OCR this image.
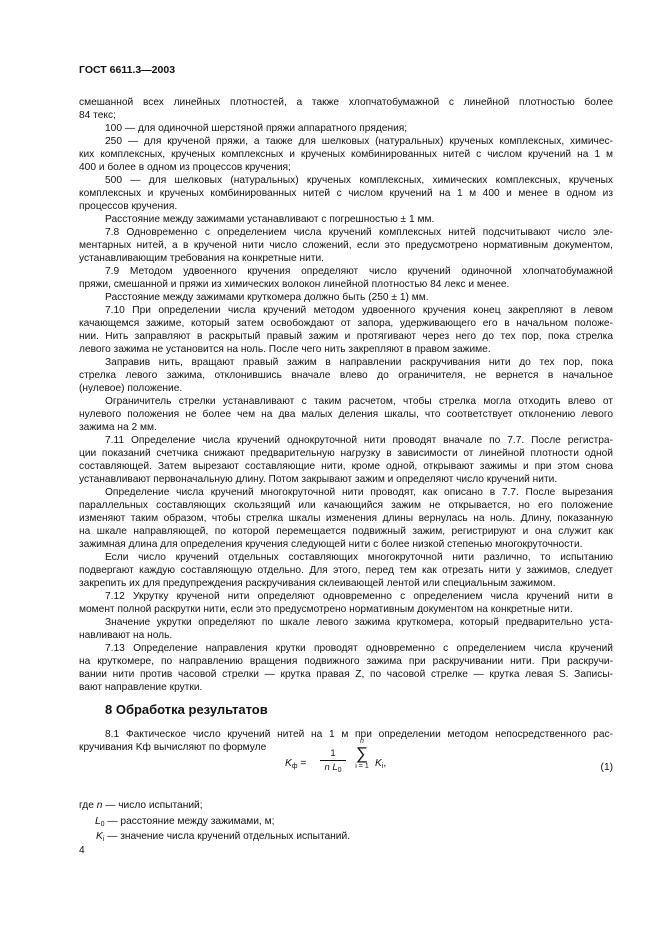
ГОСТ 6611.3—2003
смешанной всех линейных плотностей, а также хлопчатобумажной с линейной плотностью более
84 текс;
100 — для одиночной шерстяной пряжи аппаратного прядения;
250 — для крученой пряжи, а также для шелковых (натуральных) крученых комплексных, химичес-
ких комплексных, крученых комплексных и крученых комбинированных нитей с числом кручений на 1 м
400 и более в одном из процессов кручения;
500 — для шелковых (натуральных) крученых комплексных, химических комплексных, крученых
комплексных и крученых комбинированных нитей с числом кручений на 1 м 400 и менее в одном из
процессов кручения.
Расстояние между зажимами устанавливают с погрешностью ± 1 мм.
7.8 Одновременно с определением числа кручений комплексных нитей подсчитывают число эле-
ментарных нитей, а в крученой нити число сложений, если это предусмотрено нормативным документом,
устанавливающим требования на конкретные нити.
7.9 Методом удвоенного кручения определяют число кручений одиночной хлопчатобумажной
пряжи, смешанной и пряжи из химических волокон линейной плотностью 84 лекс и менее.
Расстояние между зажимами круткомера должно быть (250 ± 1) мм.
7.10 При определении числа кручений методом удвоенного кручения конец закрепляют в левом
качающемся зажиме, который затем освобождают от запора, удерживающего его в начальном положе-
нии. Нить заправляют в раскрытый правый зажим и протягивают через него до тех пор, пока стрелка
левого зажима не установится на ноль. После чего нить закрепляют в правом зажиме.
Заправив нить, вращают правый зажим в направлении раскручивания нити до тех пор, пока
стрелка левого зажима, отклонившись вначале влево до ограничителя, не вернется в начальное
(нулевое) положение.
Ограничитель стрелки устанавливают с таким расчетом, чтобы стрелка могла отходить влево от
нулевого положения не более чем на два малых деления шкалы, что соответствует отклонению левого
зажима на 2 мм.
7.11 Определение числа кручений однокруточной нити проводят вначале по 7.7. После регистра-
ции показаний счетчика снижают предварительную нагрузку в зависимости от линейной плотности одной
составляющей. Затем вырезают составляющие нити, кроме одной, открывают зажимы и при этом снова
устанавливают первоначальную длину. Потом закрывают зажим и определяют число кручений нити.
Определение числа кручений многокруточной нити проводят, как описано в 7.7. После вырезания
параллельных составляющих скользящий или качающийся зажим не открывается, но его положение
изменяют таким образом, чтобы стрелка шкалы изменения длины вернулась на ноль. Длину, показанную
на шкале направляющей, по которой перемещается подвижный зажим, регистрируют и она служит как
зажимная длина для определения кручения следующей нити с более низкой степенью многокруточности.
Если число кручений отдельных составляющих многокруточной нити различно, то испытанию
подвергают каждую составляющую отдельно. Для этого, перед тем как отрезать нити у зажимов, следует
закрепить их для предупреждения раскручивания склеивающей лентой или специальным зажимом.
7.12 Укрутку крученой нити определяют одновременно с определением числа кручений нити в
момент полной раскрутки нити, если это предусмотрено нормативным документом на конкретные нити.
Значение укрутки определяют по шкале левого зажима круткомера, который предварительно уста-
навливают на ноль.
7.13 Определение направления крутки проводят одновременно с определением числа кручений
на круткомере, по направлению вращения подвижного зажима при раскручивании нити. При раскручи-
вании нити против часовой стрелки — крутка правая Z, по часовой стрелке — крутка левая S. Записы-
вают направление крутки.
8 Обработка результатов
8.1 Фактическое число кручений нитей на 1 м при определении методом непосредственного рас-
кручивания Kф вычисляют по формуле
$K_ф$ =
1
n $L_0$
n
∑
i = 1 $K_i$,	(1)
где n — число испытаний;
$L_0$ — расстояние между зажимами, м;
$K_i$ — значение числа кручений отдельных испытаний.
4
